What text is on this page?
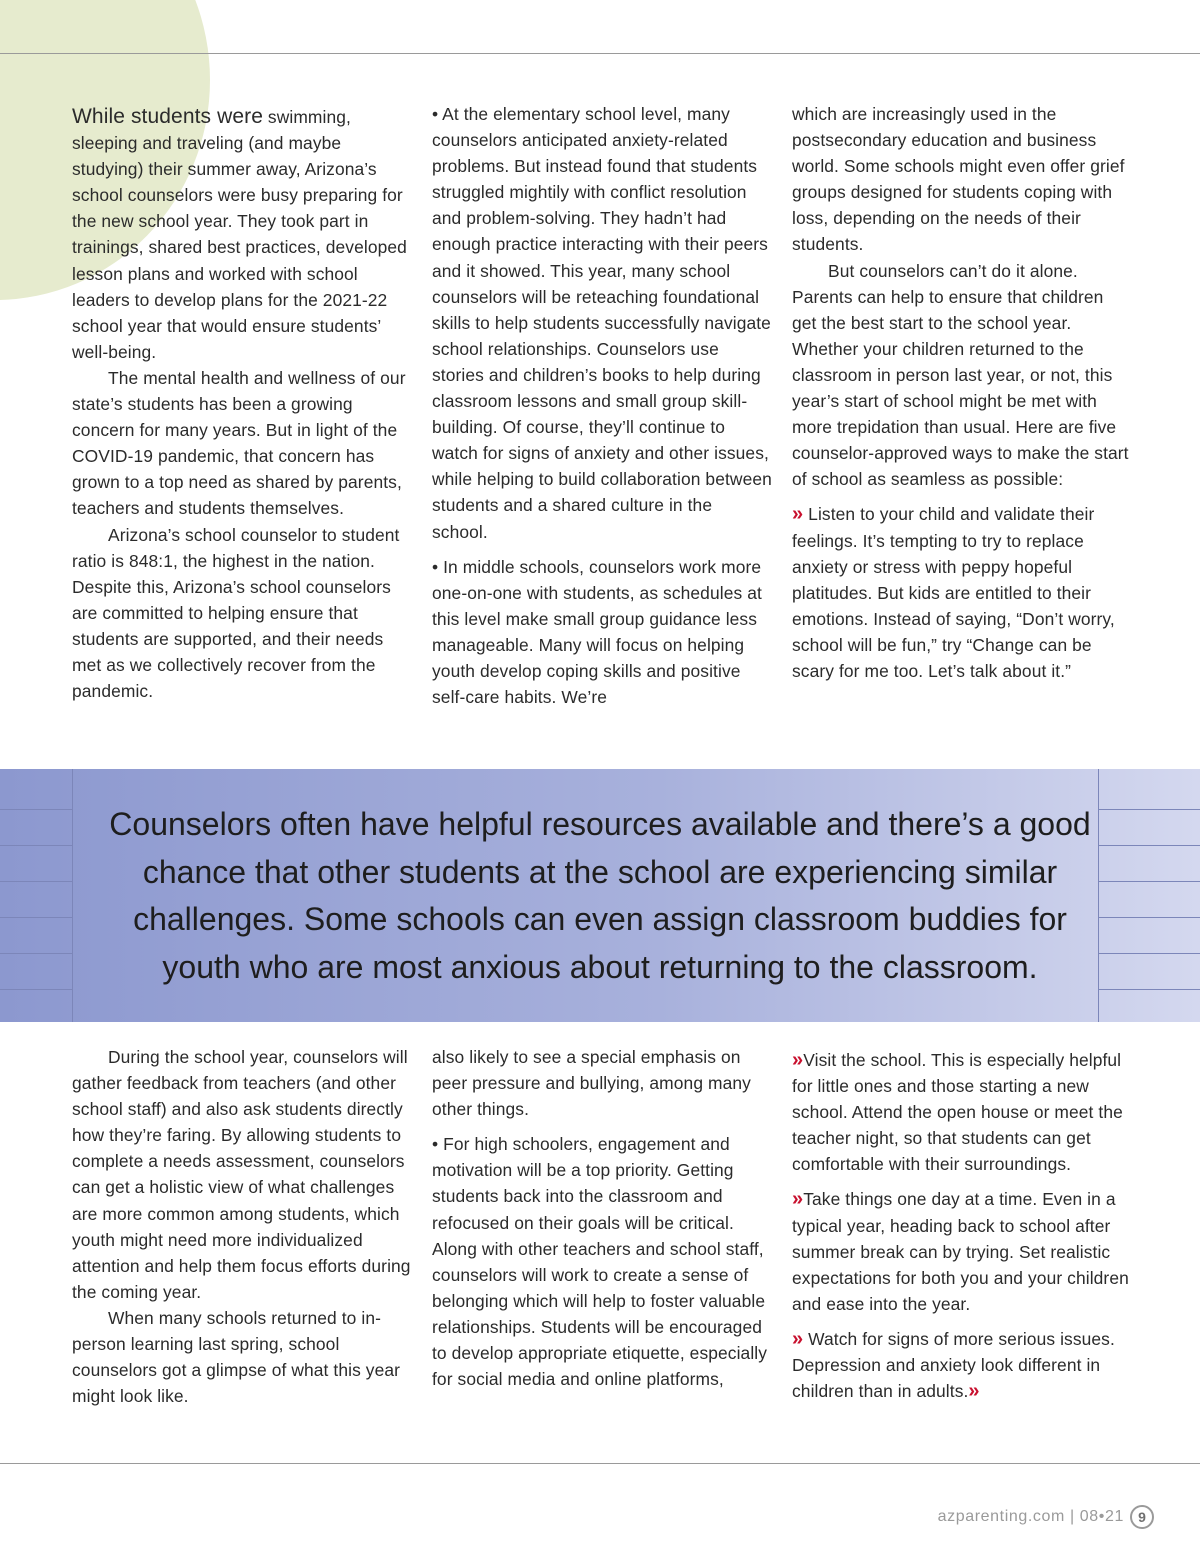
While students were swimming, sleeping and traveling (and maybe studying) their summer away, Arizona’s school counselors were busy preparing for the new school year. They took part in trainings, shared best practices, developed lesson plans and worked with school leaders to develop plans for the 2021-22 school year that would ensure students’ well-being.

The mental health and wellness of our state’s students has been a growing concern for many years. But in light of the COVID-19 pandemic, that concern has grown to a top need as shared by parents, teachers and students themselves.

Arizona’s school counselor to student ratio is 848:1, the highest in the nation. Despite this, Arizona’s school counselors are committed to helping ensure that students are supported, and their needs met as we collectively recover from the pandemic.

• At the elementary school level, many counselors anticipated anxiety-related problems. But instead found that students struggled mightily with conflict resolution and problem-solving. They hadn’t had enough practice interacting with their peers and it showed. This year, many school counselors will be reteaching foundational skills to help students successfully navigate school relationships. Counselors use stories and children’s books to help during classroom lessons and small group skill-building. Of course, they’ll continue to watch for signs of anxiety and other issues, while helping to build collaboration between students and a shared culture in the school.

• In middle schools, counselors work more one-on-one with students, as schedules at this level make small group guidance less manageable. Many will focus on helping youth develop coping skills and positive self-care habits. We’re

which are increasingly used in the postsecondary education and business world. Some schools might even offer grief groups designed for students coping with loss, depending on the needs of their students.

But counselors can’t do it alone. Parents can help to ensure that children get the best start to the school year. Whether your children returned to the classroom in person last year, or not, this year’s start of school might be met with more trepidation than usual. Here are five counselor-approved ways to make the start of school as seamless as possible:

» Listen to your child and validate their feelings. It’s tempting to try to replace anxiety or stress with peppy hopeful platitudes. But kids are entitled to their emotions. Instead of saying, “Don’t worry, school will be fun,” try “Change can be scary for me too. Let’s talk about it.”

Counselors often have helpful resources available and there’s a good chance that other students at the school are experiencing similar challenges. Some schools can even assign classroom buddies for youth who are most anxious about returning to the classroom.

During the school year, counselors will gather feedback from teachers (and other school staff) and also ask students directly how they’re faring. By allowing students to complete a needs assessment, counselors can get a holistic view of what challenges are more common among students, which youth might need more individualized attention and help them focus efforts during the coming year.

When many schools returned to in-person learning last spring, school counselors got a glimpse of what this year might look like.

also likely to see a special emphasis on peer pressure and bullying, among many other things.

• For high schoolers, engagement and motivation will be a top priority. Getting students back into the classroom and refocused on their goals will be critical. Along with other teachers and school staff, counselors will work to create a sense of belonging which will help to foster valuable relationships. Students will be encouraged to develop appropriate etiquette, especially for social media and online platforms,

»Visit the school. This is especially helpful for little ones and those starting a new school. Attend the open house or meet the teacher night, so that students can get comfortable with their surroundings.

»Take things one day at a time. Even in a typical year, heading back to school after summer break can by trying. Set realistic expectations for both you and your children and ease into the year.

» Watch for signs of more serious issues. Depression and anxiety look different in children than in adults.»

azparenting.com | 08•21	9
